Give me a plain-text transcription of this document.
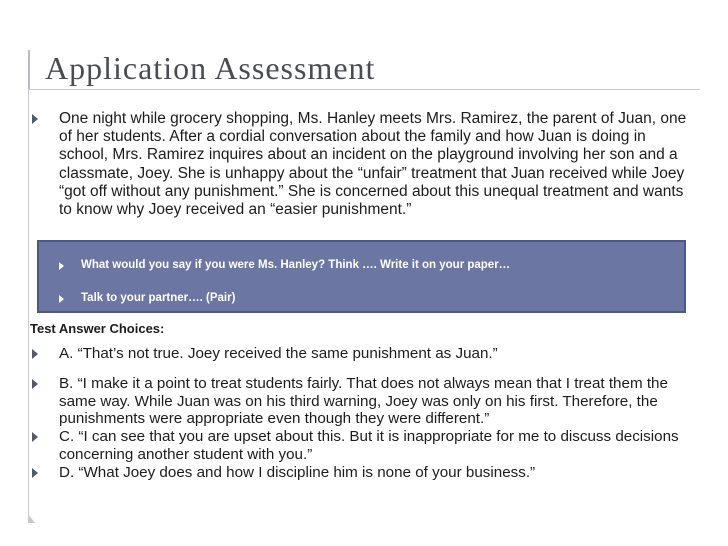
Application Assessment
One night while grocery shopping, Ms. Hanley meets Mrs. Ramirez, the parent of Juan, one of her students. After a cordial conversation about the family and how Juan is doing in school, Mrs. Ramirez inquires about an incident on the playground involving her son and a classmate, Joey. She is unhappy about the “unfair” treatment that Juan received while Joey “got off without any punishment.” She is concerned about this unequal treatment and wants to know why Joey received an “easier punishment.”
What would you say if you were Ms. Hanley? Think …. Write it on your paper…
Talk to your partner…. (Pair)
Test Answer Choices:
A. “That’s not true. Joey received the same punishment as Juan.”
B. “I make it a point to treat students fairly. That does not always mean that I treat them the same way. While Juan was on his third warning, Joey was only on his first. Therefore, the punishments were appropriate even though they were different.”
C. “I can see that you are upset about this. But it is inappropriate for me to discuss decisions concerning another student with you.”
D. “What Joey does and how I discipline him is none of your business.”
